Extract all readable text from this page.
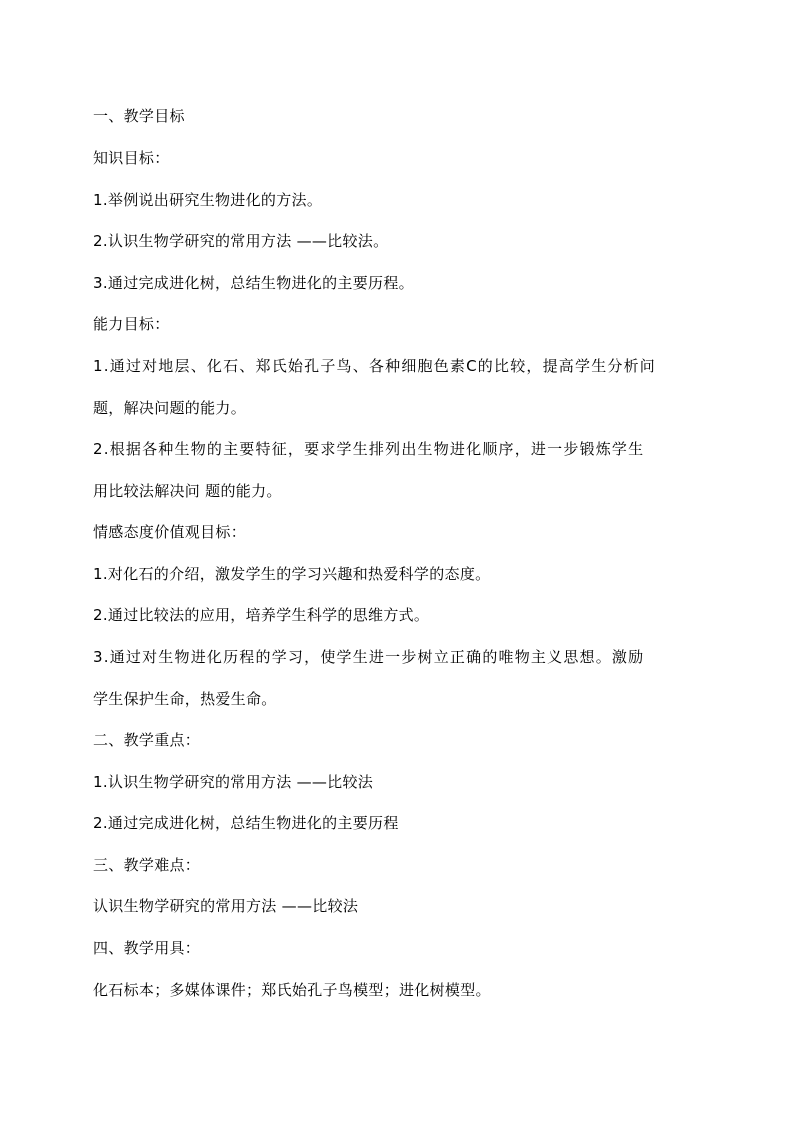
一、教学目标
知识目标：
1.举例说出研究生物进化的方法。
2.认识生物学研究的常用方法 ——比较法。
3.通过完成进化树，总结生物进化的主要历程。
能力目标：
1.通过对地层、化石、郑氏始孔子鸟、各种细胞色素C的比较，提高学生分析问
题，解决问题的能力。
2.根据各种生物的主要特征，要求学生排列出生物进化顺序，进一步锻炼学生
用比较法解决问 题的能力。
情感态度价值观目标：
1.对化石的介绍，激发学生的学习兴趣和热爱科学的态度。
2.通过比较法的应用，培养学生科学的思维方式。
3.通过对生物进化历程的学习，使学生进一步树立正确的唯物主义思想。激励
学生保护生命，热爱生命。
二、教学重点：
1.认识生物学研究的常用方法 ——比较法
2.通过完成进化树，总结生物进化的主要历程
三、教学难点：
认识生物学研究的常用方法 ——比较法
四、教学用具：
化石标本；多媒体课件；郑氏始孔子鸟模型；进化树模型。
